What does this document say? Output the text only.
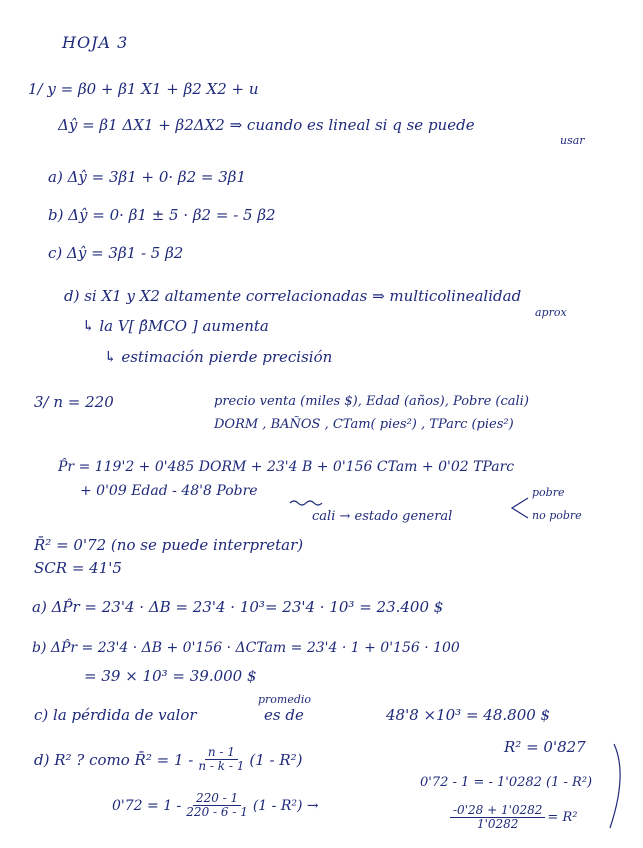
HOJA 3
1/ y = β0 + β1 X1 + β2 X2 + u
Δŷ = β1 ΔX1 + β2ΔX2 ⇒ cuando es lineal si q se puede
usar
a) Δŷ = 3β1 + 0· β2 = 3β1
b) Δŷ = 0· β1 ± 5 · β2 = - 5 β2
c) Δŷ = 3β1 - 5 β2
d) si X1 y X2 altamente correlacionadas ⇒ multicolinealidad
aprox
↳ la V[ β̂MCO ] aumenta
↳ estimación pierde precisión
3/ n = 220	precio venta (miles $), Edad (años), Pobre (cali)
DORM , BAÑOS , CTam( pies²) , TParc (pies²)
P̂r = 119'2 + 0'485 DORM + 23'4 B + 0'156 CTam + 0'02 TParc
+ 0'09 Edad - 48'8 Pobre
cali → estado general
pobre
no pobre
R̄² = 0'72 (no se puede interpretar)
SCR = 41'5
a) ΔP̂r = 23'4 · ΔB = 23'4 · 10³= 23'4 · 10³ = 23.400 $
b) ΔP̂r = 23'4 · ΔB + 0'156 · ΔCTam = 23'4 · 1 + 0'156 · 100
= 39 × 10³ = 39.000 $
c) la pérdida de valor
promedio
es de	48'8 ×10³ = 48.800 $
d) R² ? como R̄² = $1 - \frac{n - 1}{n - k - 1} (1 - R^2)$
R² = 0'827
$0'72 = 1 - \frac{220 - 1}{220 - 6 - 1} (1 - R^2)$ →
0'72 - 1 = - 1'0282 (1 - R²)
$\frac{-0'28 + 1'0282}{1'0282} = R^2$
